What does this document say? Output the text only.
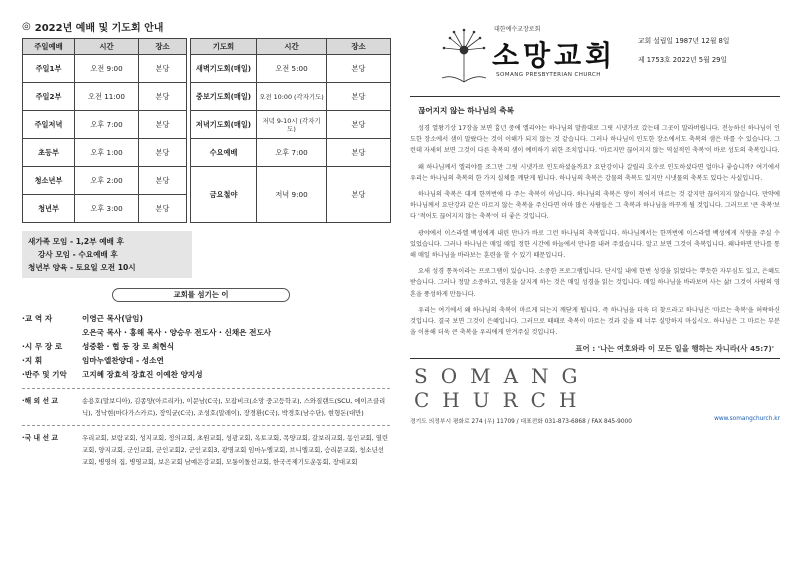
◎ 2022년 예배 및 기도회 안내
주일예배	시간	장소		기도회	시간	장소
주일1부	오전 9:00	본당		새벽기도회(매일)	오전 5:00	본당
주일2부	오전 11:00	본당		중보기도회(매일)	오전 10:00 (각자기도)	본당
주일저녁	오후 7:00	본당		저녁기도회(매일)	저녁 9-10시 (각자기도)	본당
초등부	오후 1:00	본당		수요예배	오후 7:00	본당
청소년부	오후 2:00	본당		금요철야	저녁 9:00	본당
청년부	오후 3:00	본당				
새가족 모임 - 1,2부 예배 후
강사 모임 - 수요예배 후
청년부 양육 - 토요일 오전 10시
교회를 섬기는 이
·교 역 자	이영근 목사(담임)
오은국 목사 · 홍해 목사 · 양승우 전도사 · 신채은 전도사
·시 무 장 로	성중환 · 협 동 장 로 최현식
·지 휘	임마누엘찬양대 - 성소연
·반주 및 기악	고지혜 장효석 장효진 이예찬 양지성
·해 외 선 교	송용호(말보디아), 김종양(아르리카), 이문남(C국), 모잡비크(소망 중고등학교), 스와질랜드(SCU, 에이즈클리닉), 정낙현(마다가스카르), 장익균(C국), 조성호(말레이), 장경환(C국), 박경호(남수단), 현형돈(대만)
·국 내 선 교	우리교회, 보람교회, 성지교회, 정의교회, 초원교회, 성광교회, 옥토교회, 목양교회, 갈보리교회, 동인교회, 열린교회, 양지교회, 군인교회, 군인교회2, 군인교회3, 광명교회 임마누엘교회, 브니엘교회, 승리문교회, 청소년선교회, 병영의 집, 병영교회, 보은교회 남예은강교회, 모퉁이돌선교회, 한국곡제기도운동회, 장대교회
대한예수교장로회
소망교회
SOMANG PRESBYTERIAN CHURCH
교회 설립일 1987년 12월 8일
제 1753호 2022년 5월 29일
끊어지지 않는 하나님의 축복

성경 열왕기상 17장을 보면 흉년 중에 엘리야는 하나님의 말씀대로 그릿 시냇가로 갔는데 그곳이 말라버립니다. 전능하신 하나님이 인도한 장소에서 샘이 말랐다는 것이 이해가 되지 않는 것 같습니다. 그러나 하나님이 인도한 장소에서도 축복의 샘은 마를 수 있습니다. 그런데 자세히 보면 그것이 다른 축복의 샘이 예비하기 위한 조치입니다. '마르지만 끊어지지 않는 역설적인 축복'이 바로 성도의 축복입니다.

왜 하나님께서 엘리야를 조그만 그릿 시냇가로 인도하셨을까요? 요단강이나 갈릴리 호수로 인도하셨다면 얼마나 좋습니까? 여기에서 우리는 하나님의 축복의 한 가지 실체를 깨닫게 됩니다. 하나님의 축복은 강물의 축복도 있지만 시냇물의 축복도 있다는 사실입니다.

하나님의 축복은 대게 한꺼번에 다 주는 축복이 아닙니다. 하나님의 축복은 양이 적어서 마르는 것 같지만 끊어지지 않습니다. 만약에 하나님께서 요단강과 같은 마르지 않는 축복을 주신다면 아마 많은 사람들은 그 축복과 하나님을 바꾸게 될 것입니다. 그러므로 '큰 축복'보다 '적어도 끊어지지 않는 축복'이 더 좋은 것입니다.

광야에서 이스라엘 백성에게 내린 만나가 바로 그런 하나님의 축복입니다. 하나님께서는 한꺼번에 이스라엘 백성에게 식량을 주실 수 있었습니다. 그러나 하나님은 매일 매일 정한 시간에 하늘에서 만나를 내려 주셨습니다. 알고 보면 그것이 축복입니다. 왜냐하면 만나를 통해 매일 하나님을 바라보는 훈련을 할 수 있기 때문입니다.

요새 성경 통독이라는 프로그램이 있습니다. 소중한 프로그램입니다. 단시일 내에 한번 성경을 읽었다는 뿌듯한 자부심도 있고, 은혜도 받습니다. 그러나 정말 소중하고, 영혼을 살지게 하는 것은 매일 성경을 읽는 것입니다. 매일 하나님을 바라보며 사는 삶! 그것이 사람의 영혼을 풍성하게 만듭니다.

우리는 여기에서 왜 하나님의 축복이 마르게 되는지 깨닫게 됩니다. 즉 하나님을 더욱 더 찾으라고 하나님은 '마르는 축복'을 허락하신 것입니다. 결국 보면 그것이 은혜입니다. 그러므로 때때로 축복이 마르는 것과 같을 때 너무 실망하지 마십시오. 하나님은 그 마르는 부분을 이용해 더욱 큰 축복을 우리에게 안겨주실 것입니다.

표어 : '나는 여호와라 이 모든 일을 행하는 자니라(사 45:7)'
SOMANG CHURCH
경기도 의정부시 평화로 274 (우) 11709 / 대표전화 031-873-6868 / FAX 845-9000	www.somangchurch.kr
